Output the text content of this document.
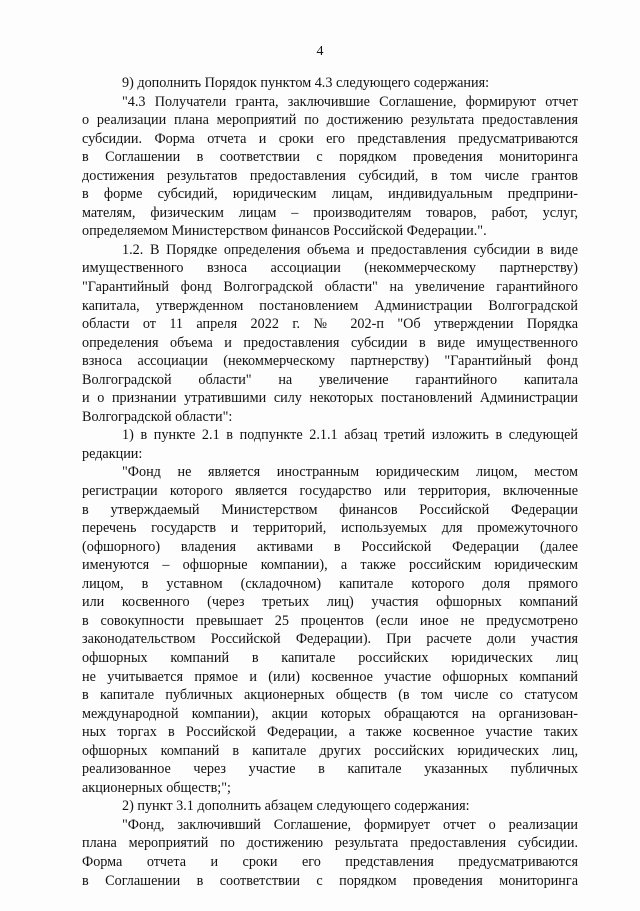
4
9) дополнить Порядок пунктом 4.3 следующего содержания:
"4.3 Получатели гранта, заключившие Соглашение, формируют отчет
о реализации плана мероприятий по достижению результата предоставления
субсидии. Форма отчета и сроки его представления предусматриваются
в Соглашении в соответствии с порядком проведения мониторинга
достижения результатов предоставления субсидий, в том числе грантов
в форме субсидий, юридическим лицам, индивидуальным предприни-
мателям, физическим лицам – производителям товаров, работ, услуг,
определяемом Министерством финансов Российской Федерации.".
1.2. В Порядке определения объема и предоставления субсидии в виде
имущественного взноса ассоциации (некоммерческому партнерству)
"Гарантийный фонд Волгоградской области" на увеличение гарантийного
капитала, утвержденном постановлением Администрации Волгоградской
области от 11 апреля 2022 г. № 202-п "Об утверждении Порядка
определения объема и предоставления субсидии в виде имущественного
взноса ассоциации (некоммерческому партнерству) "Гарантийный фонд
Волгоградской области" на увеличение гарантийного капитала
и о признании утратившими силу некоторых постановлений Администрации
Волгоградской области":
1) в пункте 2.1 в подпункте 2.1.1 абзац третий изложить в следующей
редакции:
"Фонд не является иностранным юридическим лицом, местом
регистрации которого является государство или территория, включенные
в утверждаемый Министерством финансов Российской Федерации
перечень государств и территорий, используемых для промежуточного
(офшорного) владения активами в Российской Федерации (далее
именуются – офшорные компании), а также российским юридическим
лицом, в уставном (складочном) капитале которого доля прямого
или косвенного (через третьих лиц) участия офшорных компаний
в совокупности превышает 25 процентов (если иное не предусмотрено
законодательством Российской Федерации). При расчете доли участия
офшорных компаний в капитале российских юридических лиц
не учитывается прямое и (или) косвенное участие офшорных компаний
в капитале публичных акционерных обществ (в том числе со статусом
международной компании), акции которых обращаются на организован-
ных торгах в Российской Федерации, а также косвенное участие таких
офшорных компаний в капитале других российских юридических лиц,
реализованное через участие в капитале указанных публичных
акционерных обществ;";
2) пункт 3.1 дополнить абзацем следующего содержания:
"Фонд, заключивший Соглашение, формирует отчет о реализации
плана мероприятий по достижению результата предоставления субсидии.
Форма отчета и сроки его представления предусматриваются
в Соглашении в соответствии с порядком проведения мониторинга
